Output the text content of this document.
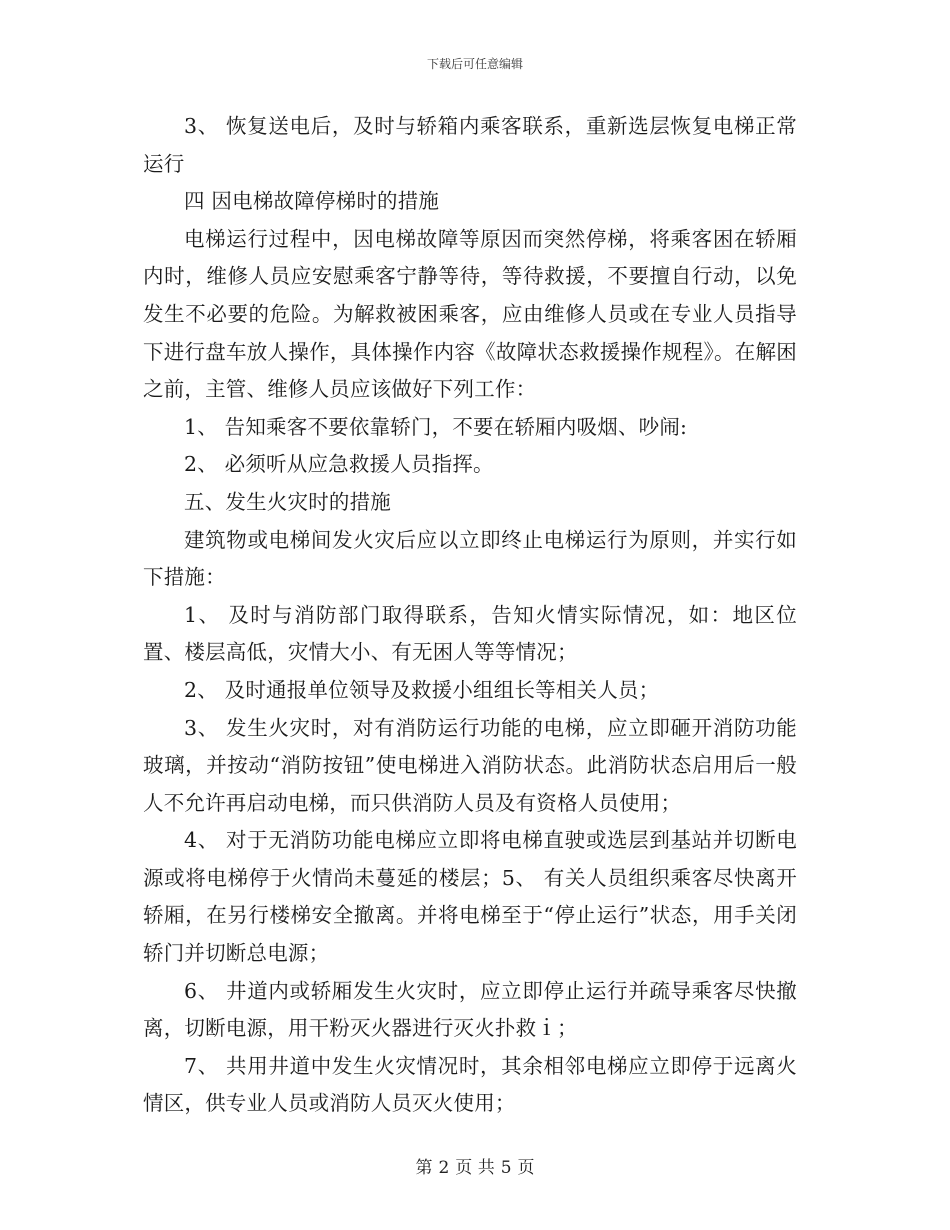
下载后可任意编辑

3、 恢复送电后，及时与轿箱内乘客联系，重新选层恢复电梯正常运行

四 因电梯故障停梯时的措施

电梯运行过程中，因电梯故障等原因而突然停梯，将乘客困在轿厢内时，维修人员应安慰乘客宁静等待，等待救援，不要擅自行动，以免发生不必要的危险。为解救被困乘客，应由维修人员或在专业人员指导下进行盘车放人操作，具体操作内容《故障状态救援操作规程》。在解困之前，主管、维修人员应该做好下列工作：

1、 告知乘客不要依靠轿门，不要在轿厢内吸烟、吵闹:

2、 必须听从应急救援人员指挥。

五、发生火灾时的措施

建筑物或电梯间发火灾后应以立即终止电梯运行为原则，并实行如下措施：

1、 及时与消防部门取得联系，告知火情实际情况，如：地区位置、楼层高低，灾情大小、有无困人等等情况；

2、 及时通报单位领导及救援小组组长等相关人员；

3、 发生火灾时，对有消防运行功能的电梯，应立即砸开消防功能玻璃，并按动“消防按钮”使电梯进入消防状态。此消防状态启用后一般人不允许再启动电梯，而只供消防人员及有资格人员使用；

4、 对于无消防功能电梯应立即将电梯直驶或选层到基站并切断电源或将电梯停于火情尚未蔓延的楼层；5、 有关人员组织乘客尽快离开轿厢，在另行楼梯安全撤离。并将电梯至于“停止运行”状态，用手关闭轿门并切断总电源；

6、 井道内或轿厢发生火灾时，应立即停止运行并疏导乘客尽快撤离，切断电源，用干粉灭火器进行灭火扑救ｉ；

7、 共用井道中发生火灾情况时，其余相邻电梯应立即停于远离火情区，供专业人员或消防人员灭火使用；

第 2 页 共 5 页
